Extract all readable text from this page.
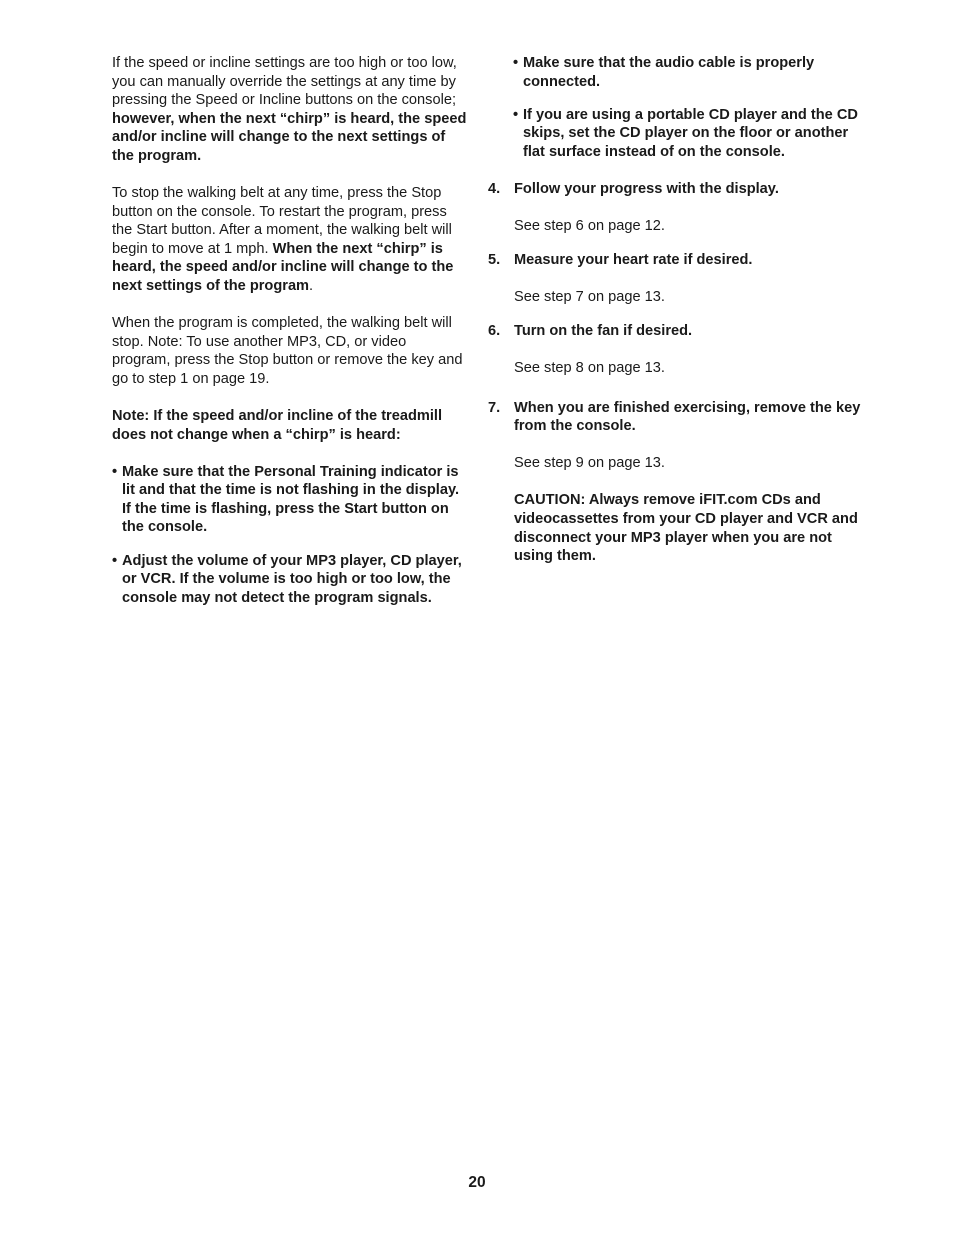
If the speed or incline settings are too high or too low, you can manually override the settings at any time by pressing the Speed or Incline buttons on the console; however, when the next “chirp” is heard, the speed and/or incline will change to the next settings of the program.

To stop the walking belt at any time, press the Stop button on the console. To restart the program, press the Start button. After a moment, the walking belt will begin to move at 1 mph. When the next “chirp” is heard, the speed and/or incline will change to the next settings of the program.

When the program is completed, the walking belt will stop. Note: To use another MP3, CD, or video program, press the Stop button or remove the key and go to step 1 on page 19.

Note: If the speed and/or incline of the treadmill does not change when a “chirp” is heard:

• Make sure that the Personal Training indicator is lit and that the time is not flashing in the display. If the time is flashing, press the Start button on the console.
• Adjust the volume of your MP3 player, CD player, or VCR. If the volume is too high or too low, the console may not detect the program signals.
• Make sure that the audio cable is properly connected.
• If you are using a portable CD player and the CD skips, set the CD player on the floor or another flat surface instead of on the console.
4. Follow your progress with the display.

See step 6 on page 12.

5. Measure your heart rate if desired.

See step 7 on page 13.

6. Turn on the fan if desired.

See step 8 on page 13.

7. When you are finished exercising, remove the key from the console.

See step 9 on page 13.

CAUTION: Always remove iFIT.com CDs and videocassettes from your CD player and VCR and disconnect your MP3 player when you are not using them.

20
